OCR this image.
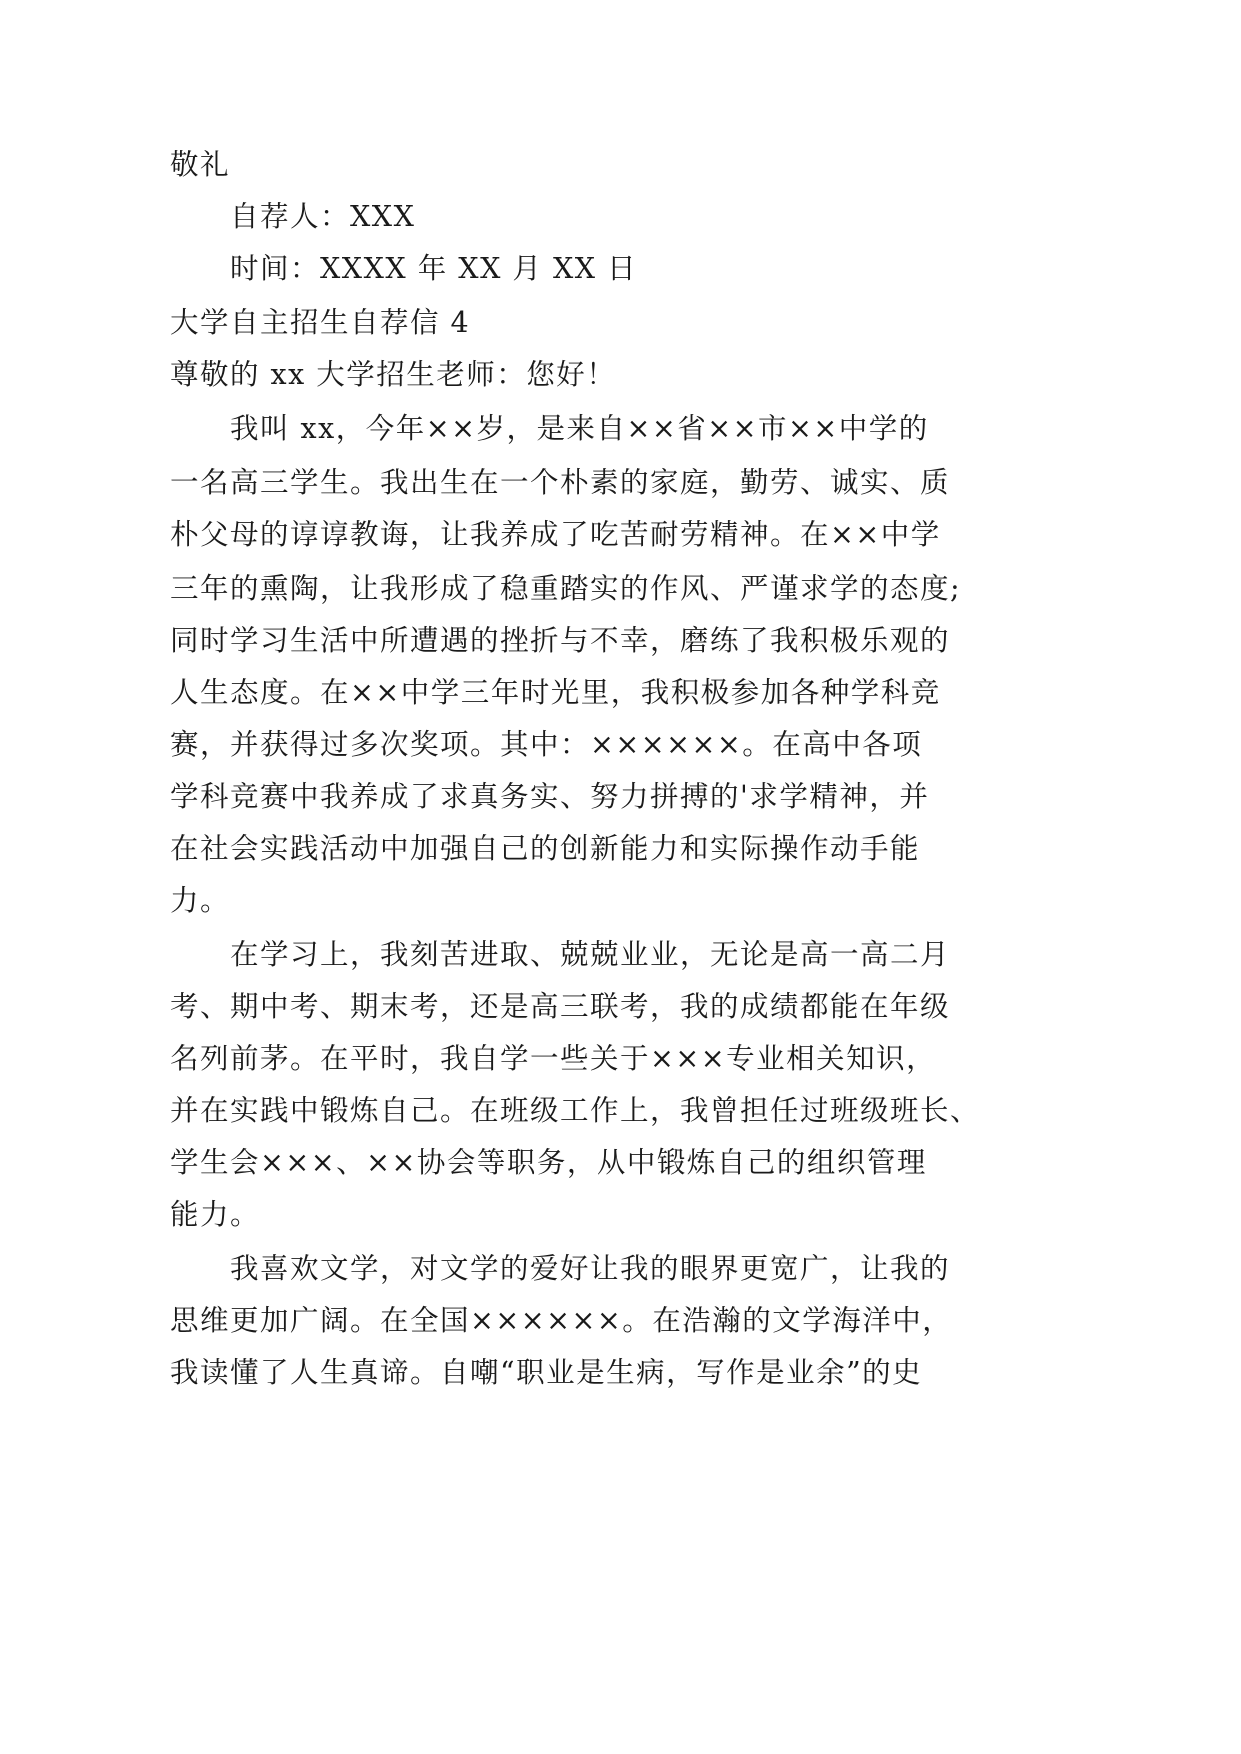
敬礼
自荐人：XXX
时间：XXXX 年 XX 月 XX 日
大学自主招生自荐信 4
尊敬的 xx 大学招生老师：您好！
我叫 xx，今年××岁，是来自××省××市××中学的
一名高三学生。我出生在一个朴素的家庭，勤劳、诚实、质
朴父母的谆谆教诲，让我养成了吃苦耐劳精神。在××中学
三年的熏陶，让我形成了稳重踏实的作风、严谨求学的态度;
同时学习生活中所遭遇的挫折与不幸，磨练了我积极乐观的
人生态度。在××中学三年时光里，我积极参加各种学科竞
赛，并获得过多次奖项。其中：××××××。在高中各项
学科竞赛中我养成了求真务实、努力拼搏的'求学精神，并
在社会实践活动中加强自己的创新能力和实际操作动手能
力。
在学习上，我刻苦进取、兢兢业业，无论是高一高二月
考、期中考、期末考，还是高三联考，我的成绩都能在年级
名列前茅。在平时，我自学一些关于×××专业相关知识，
并在实践中锻炼自己。在班级工作上，我曾担任过班级班长、
学生会×××、××协会等职务，从中锻炼自己的组织管理
能力。
我喜欢文学，对文学的爱好让我的眼界更宽广，让我的
思维更加广阔。在全国××××××。在浩瀚的文学海洋中，
我读懂了人生真谛。自嘲“职业是生病，写作是业余”的史
